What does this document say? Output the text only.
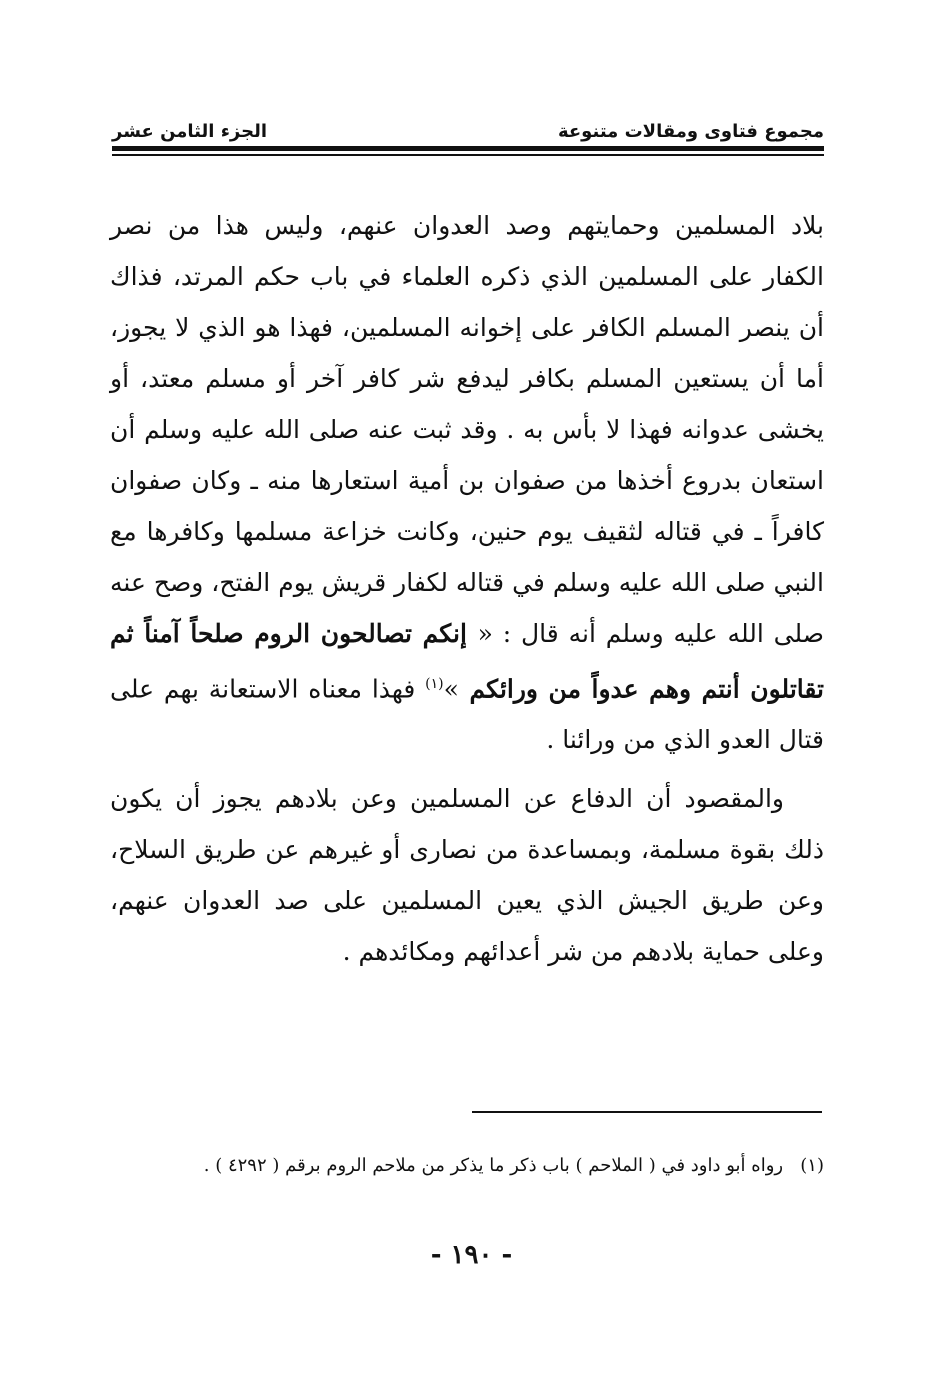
مجموع فتاوى ومقالات متنوعة
الجزء الثامن عشر

بلاد المسلمين وحمايتهم وصد العدوان عنهم، وليس هذا من نصر الكفار على المسلمين الذي ذكره العلماء في باب حكم المرتد، فذاك أن ينصر المسلم الكافر على إخوانه المسلمين، فهذا هو الذي لا يجوز، أما أن يستعين المسلم بكافر ليدفع شر كافر آخر أو مسلم معتد، أو يخشى عدوانه فهذا لا بأس به . وقد ثبت عنه صلى الله عليه وسلم أن استعان بدروع أخذها من صفوان بن أمية استعارها منه ـ وكان صفوان كافراً ـ في قتاله لثقيف يوم حنين، وكانت خزاعة مسلمها وكافرها مع النبي صلى الله عليه وسلم في قتاله لكفار قريش يوم الفتح، وصح عنه صلى الله عليه وسلم أنه قال : « إنكم تصالحون الروم صلحاً آمناً ثم تقاتلون أنتم وهم عدواً من ورائكم »$^{(١)}$ فهذا معناه الاستعانة بهم على قتال العدو الذي من ورائنا .

والمقصود أن الدفاع عن المسلمين وعن بلادهم يجوز أن يكون ذلك بقوة مسلمة، وبمساعدة من نصارى أو غيرهم عن طريق السلاح، وعن طريق الجيش الذي يعين المسلمين على صد العدوان عنهم، وعلى حماية بلادهم من شر أعدائهم ومكائدهم .

(١)   رواه أبو داود في ( الملاحم ) باب ذكر ما يذكر من ملاحم الروم برقم ( ٤٢٩٢ ) .

- ١٩٠ -
